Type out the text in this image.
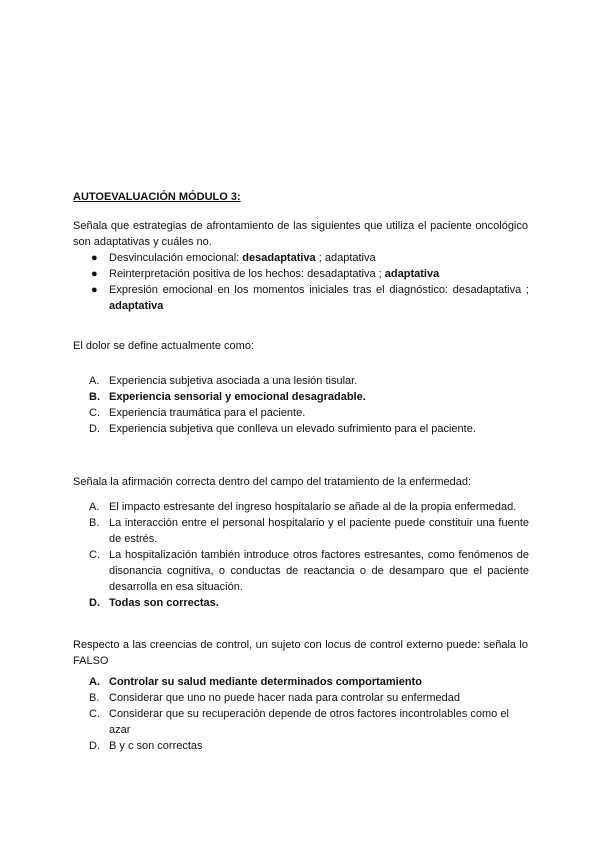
AUTOEVALUACIÓN MÓDULO 3:

Señala que estrategias de afrontamiento de las siguientes que utiliza el paciente oncológico son adaptativas y cuáles no.

● Desvinculación emocional: desadaptativa ; adaptativa
● Reinterpretación positiva de los hechos: desadaptativa ; adaptativa
● Expresión emocional en los momentos iniciales tras el diagnóstico: desadaptativa ; adaptativa

El dolor se define actualmente como:

A. Experiencia subjetiva asociada a una lesión tisular.
B. Experiencia sensorial y emocional desagradable.
C. Experiencia traumática para el paciente.
D. Experiencia subjetiva que conlleva un elevado sufrimiento para el paciente.

Señala la afirmación correcta dentro del campo del tratamiento de la enfermedad:

A. El impacto estresante del ingreso hospitalario se añade al de la propia enfermedad.
B. La interacción entre el personal hospitalario y el paciente puede constituir una fuente de estrés.
C. La hospitalización también introduce otros factores estresantes, como fenómenos de disonancia cognitiva, o conductas de reactancia o de desamparo que el paciente desarrolla en esa situación.
D. Todas son correctas.

Respecto a las creencias de control, un sujeto con locus de control externo puede: señala lo FALSO

A. Controlar su salud mediante determinados comportamiento
B. Considerar que uno no puede hacer nada para controlar su enfermedad
C. Considerar que su recuperación depende de otros factores incontrolables como el azar
D. B y c son correctas
